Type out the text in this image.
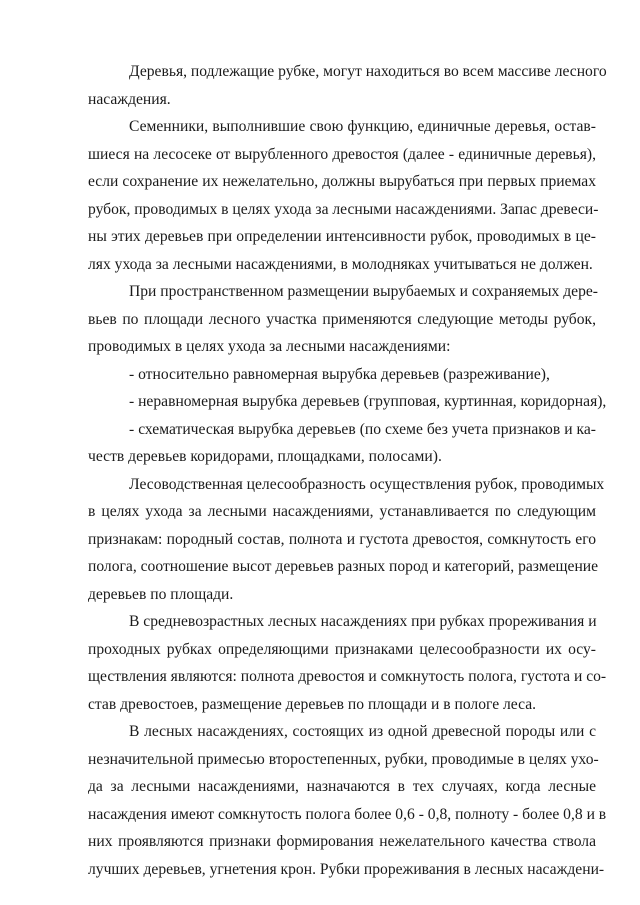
Деревья, подлежащие рубке, могут находиться во всем массиве лесного
насаждения.

Семенники, выполнившие свою функцию, единичные деревья, остав-
шиеся на лесосеке от вырубленного древостоя (далее - единичные деревья),
если сохранение их нежелательно, должны вырубаться при первых приемах
рубок, проводимых в целях ухода за лесными насаждениями. Запас древеси-
ны этих деревьев при определении интенсивности рубок, проводимых в це-
лях ухода за лесными насаждениями, в молодняках учитываться не должен.

При пространственном размещении вырубаемых и сохраняемых дере-
вьев по площади лесного участка применяются следующие методы рубок,
проводимых в целях ухода за лесными насаждениями:

- относительно равномерная вырубка деревьев (разреживание),

- неравномерная вырубка деревьев (групповая, куртинная, коридорная),

- схематическая вырубка деревьев (по схеме без учета признаков и ка-
честв деревьев коридорами, площадками, полосами).

Лесоводственная целесообразность осуществления рубок, проводимых
в целях ухода за лесными насаждениями, устанавливается по следующим
признакам: породный состав, полнота и густота древостоя, сомкнутость его
полога, соотношение высот деревьев разных пород и категорий, размещение
деревьев по площади.

В средневозрастных лесных насаждениях при рубках прореживания и
проходных рубках определяющими признаками целесообразности их осу-
ществления являются: полнота древостоя и сомкнутость полога, густота и со-
став древостоев, размещение деревьев по площади и в пологе леса.

В лесных насаждениях, состоящих из одной древесной породы или с
незначительной примесью второстепенных, рубки, проводимые в целях ухо-
да за лесными насаждениями, назначаются в тех случаях, когда лесные
насаждения имеют сомкнутость полога более 0,6 - 0,8, полноту - более 0,8 и в
них проявляются признаки формирования нежелательного качества ствола
лучших деревьев, угнетения крон. Рубки прореживания в лесных насаждени-
